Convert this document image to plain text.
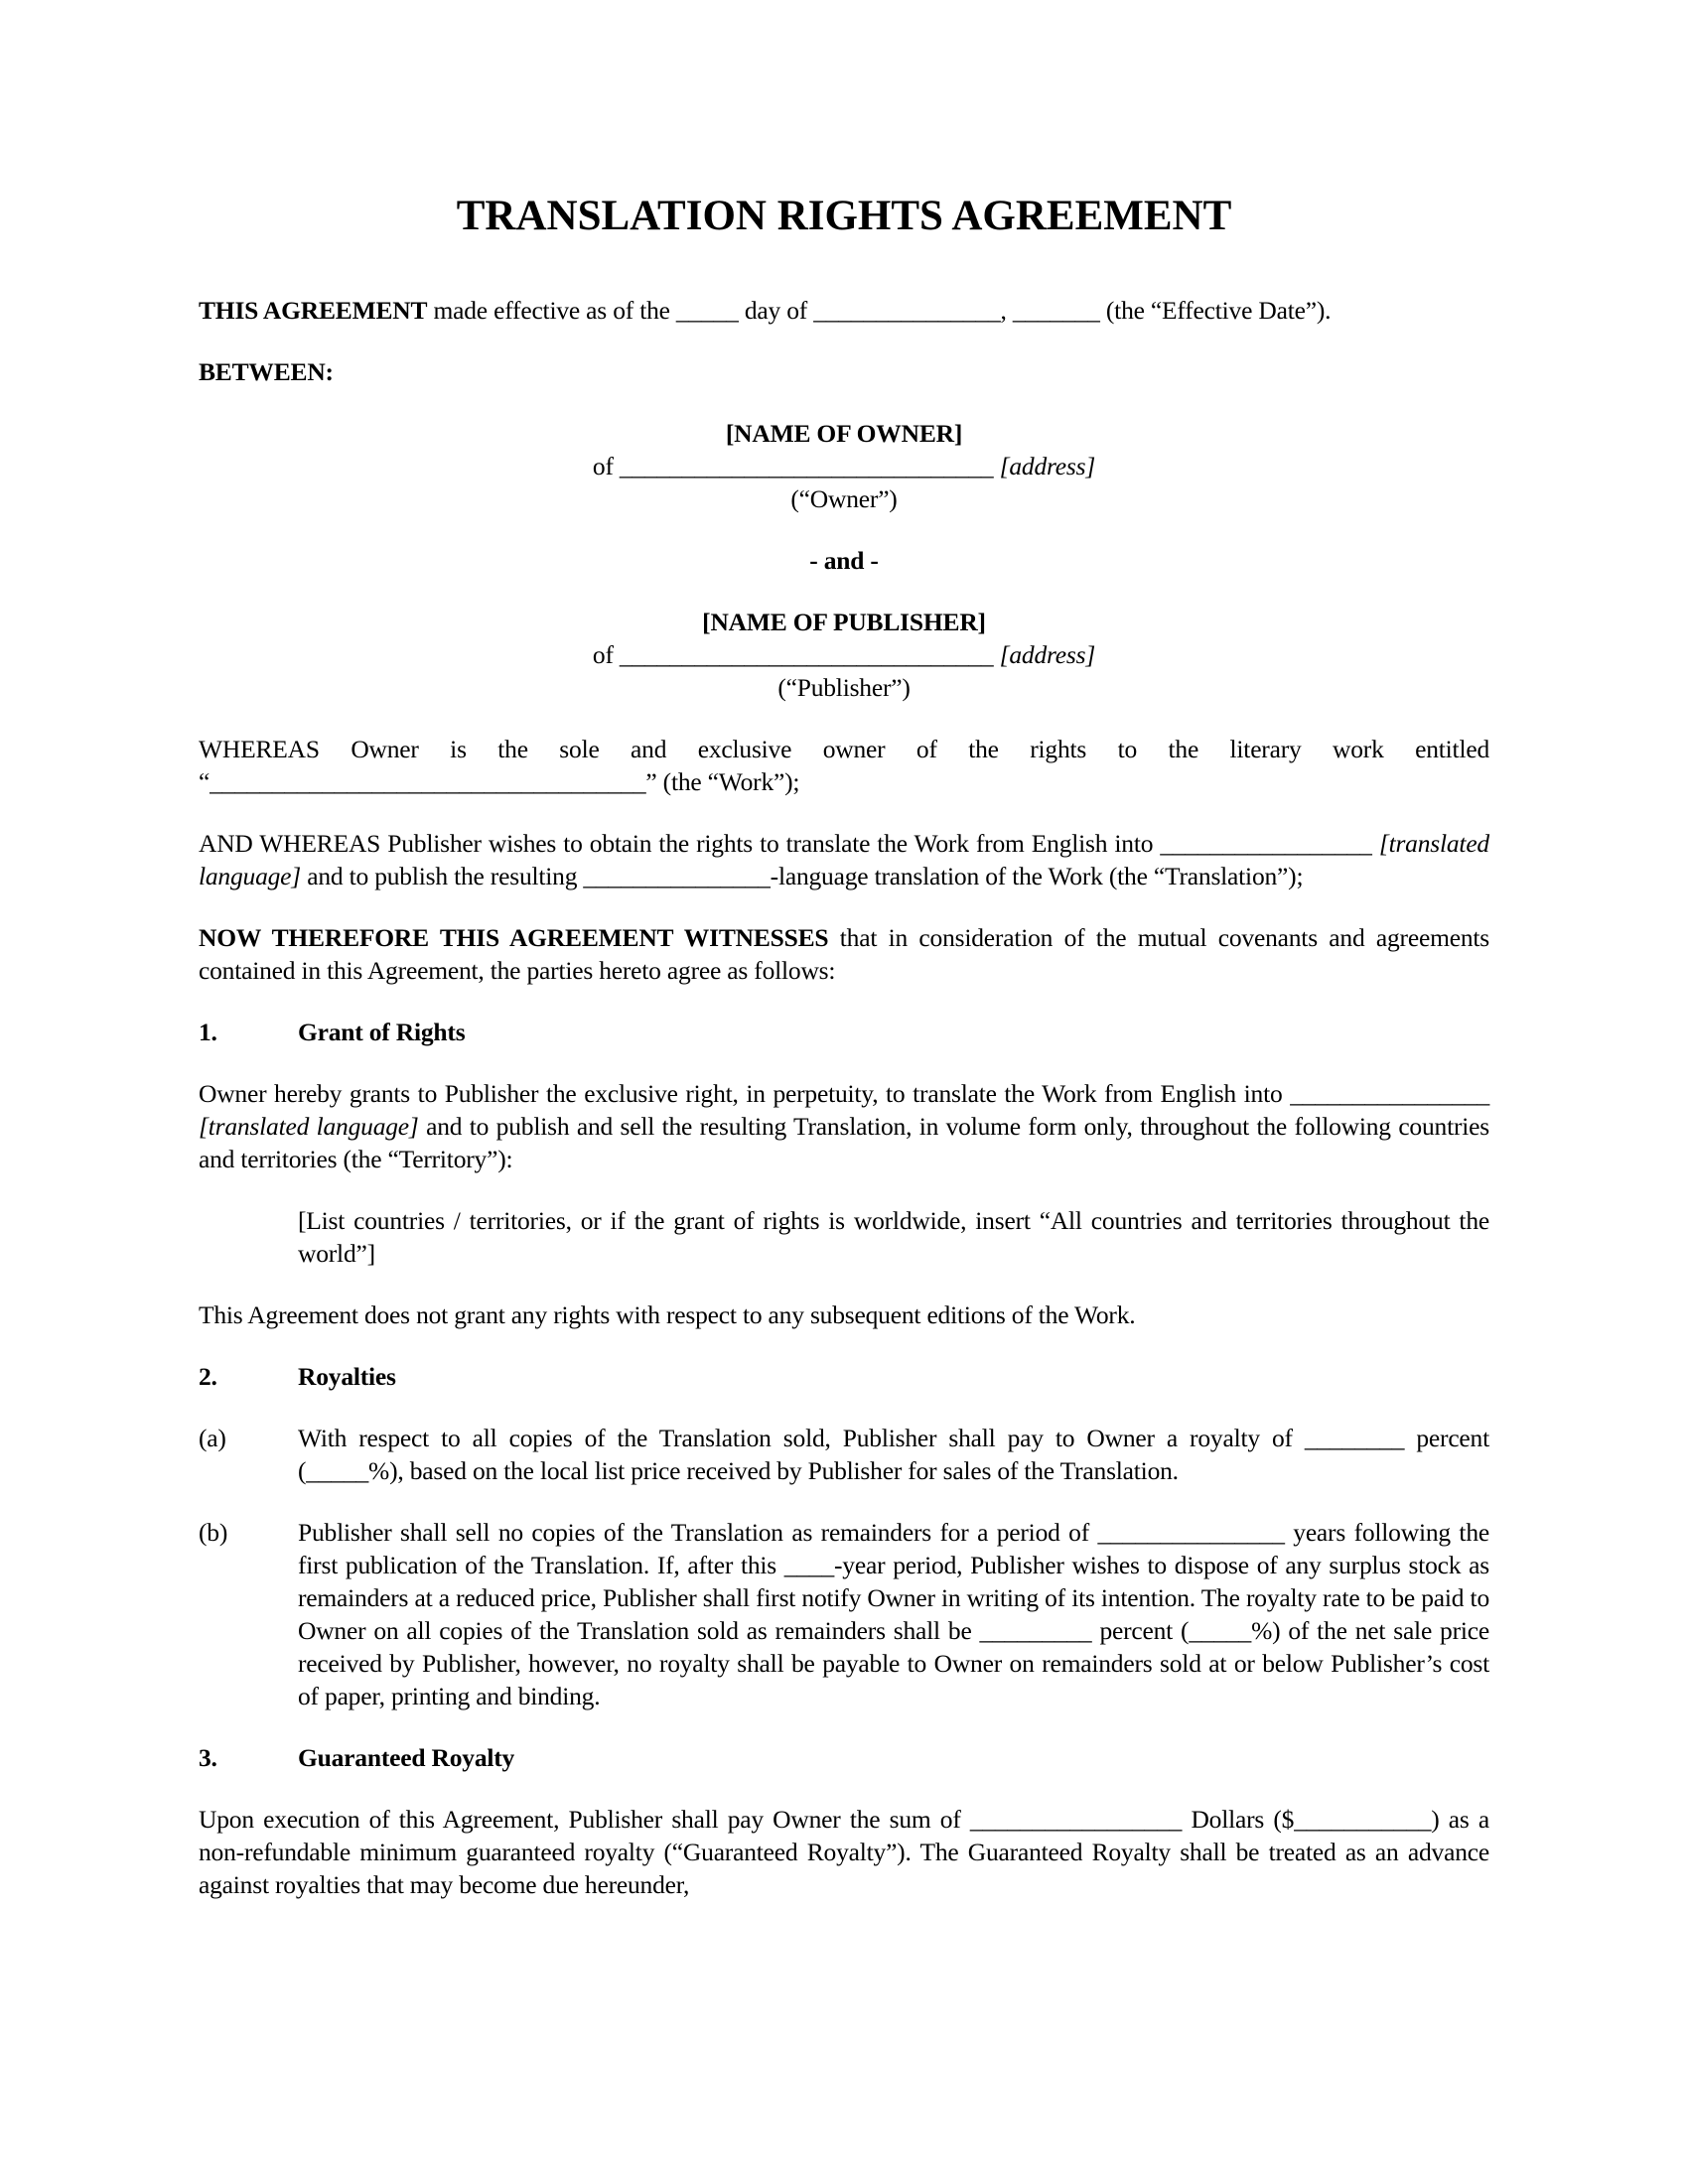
TRANSLATION RIGHTS AGREEMENT

THIS AGREEMENT made effective as of the _____ day of _______________, _______ (the “Effective Date”).

BETWEEN:

[NAME OF OWNER]
of ______________________________ [address]
(“Owner”)
- and -
[NAME OF PUBLISHER]
of ______________________________ [address]
(“Publisher”)

WHEREAS Owner is the sole and exclusive owner of the rights to the literary work entitled “___________________________________” (the “Work”);

AND WHEREAS Publisher wishes to obtain the rights to translate the Work from English into _________________ [translated language] and to publish the resulting _______________-language translation of the Work (the “Translation”);

NOW THEREFORE THIS AGREEMENT WITNESSES that in consideration of the mutual covenants and agreements contained in this Agreement, the parties hereto agree as follows:

1.	Grant of Rights

Owner hereby grants to Publisher the exclusive right, in perpetuity, to translate the Work from English into ________________ [translated language] and to publish and sell the resulting Translation, in volume form only, throughout the following countries and territories (the “Territory”):

[List countries / territories, or if the grant of rights is worldwide, insert “All countries and territories throughout the world”]

This Agreement does not grant any rights with respect to any subsequent editions of the Work.

2.	Royalties
(a)	With respect to all copies of the Translation sold, Publisher shall pay to Owner a royalty of ________ percent (_____%), based on the local list price received by Publisher for sales of the Translation.
(b)	Publisher shall sell no copies of the Translation as remainders for a period of _______________ years following the first publication of the Translation. If, after this ____-year period, Publisher wishes to dispose of any surplus stock as remainders at a reduced price, Publisher shall first notify Owner in writing of its intention. The royalty rate to be paid to Owner on all copies of the Translation sold as remainders shall be _________ percent (_____%) of the net sale price received by Publisher, however, no royalty shall be payable to Owner on remainders sold at or below Publisher’s cost of paper, printing and binding.
3.	Guaranteed Royalty

Upon execution of this Agreement, Publisher shall pay Owner the sum of _________________ Dollars ($___________) as a non-refundable minimum guaranteed royalty (“Guaranteed Royalty”). The Guaranteed Royalty shall be treated as an advance against royalties that may become due hereunder,
